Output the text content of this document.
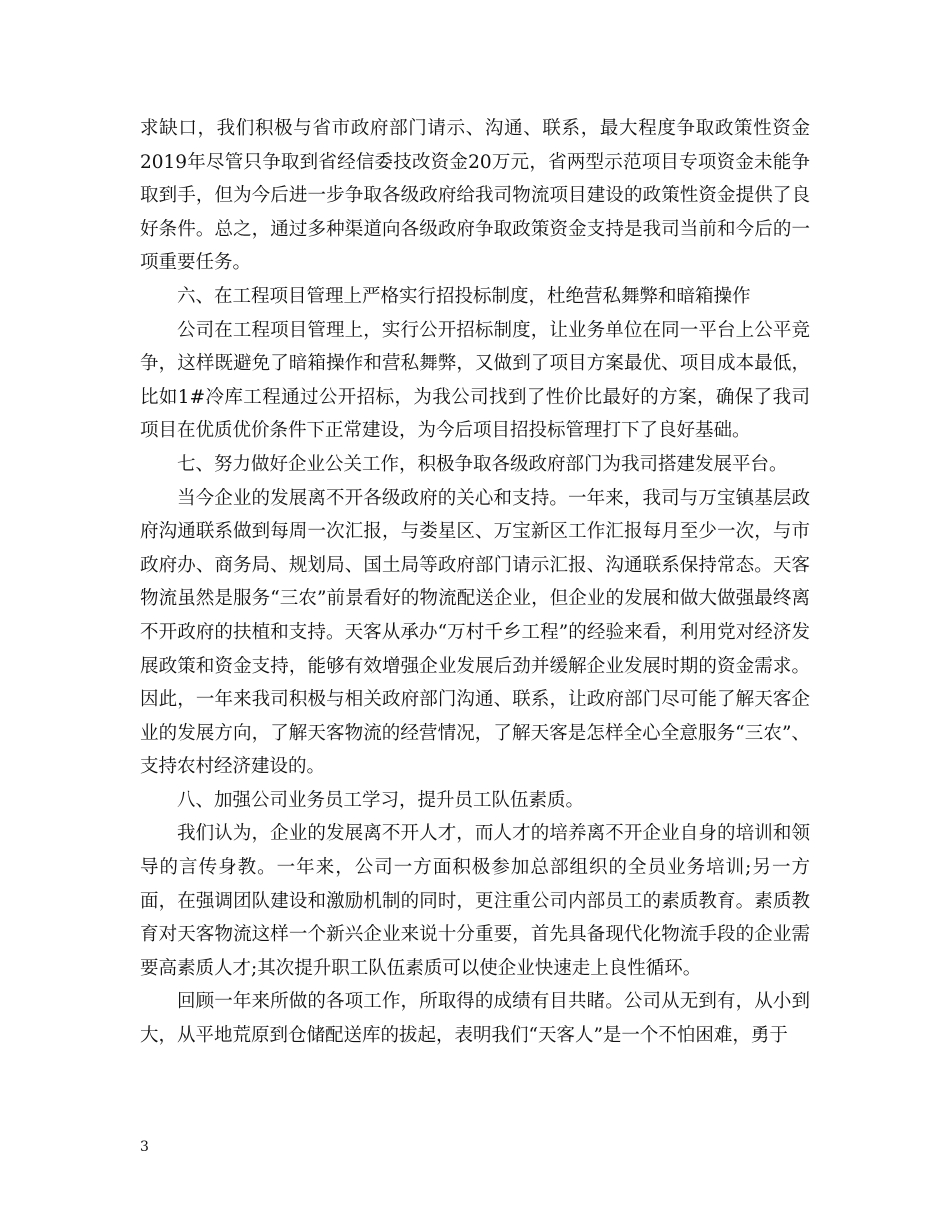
求缺口，我们积极与省市政府部门请示、沟通、联系，最大程度争取政策性资金2019年尽管只争取到省经信委技改资金20万元，省两型示范项目专项资金未能争取到手，但为今后进一步争取各级政府给我司物流项目建设的政策性资金提供了良好条件。总之，通过多种渠道向各级政府争取政策资金支持是我司当前和今后的一项重要任务。

六、在工程项目管理上严格实行招投标制度，杜绝营私舞弊和暗箱操作

公司在工程项目管理上，实行公开招标制度，让业务单位在同一平台上公平竞争，这样既避免了暗箱操作和营私舞弊，又做到了项目方案最优、项目成本最低，比如1#冷库工程通过公开招标，为我公司找到了性价比最好的方案，确保了我司项目在优质优价条件下正常建设，为今后项目招投标管理打下了良好基础。

七、努力做好企业公关工作，积极争取各级政府部门为我司搭建发展平台。

当今企业的发展离不开各级政府的关心和支持。一年来，我司与万宝镇基层政府沟通联系做到每周一次汇报，与娄星区、万宝新区工作汇报每月至少一次，与市政府办、商务局、规划局、国土局等政府部门请示汇报、沟通联系保持常态。天客物流虽然是服务“三农”前景看好的物流配送企业，但企业的发展和做大做强最终离不开政府的扶植和支持。天客从承办“万村千乡工程”的经验来看，利用党对经济发展政策和资金支持，能够有效增强企业发展后劲并缓解企业发展时期的资金需求。因此，一年来我司积极与相关政府部门沟通、联系，让政府部门尽可能了解天客企业的发展方向，了解天客物流的经营情况，了解天客是怎样全心全意服务“三农”、支持农村经济建设的。

八、加强公司业务员工学习，提升员工队伍素质。

我们认为，企业的发展离不开人才，而人才的培养离不开企业自身的培训和领导的言传身教。一年来，公司一方面积极参加总部组织的全员业务培训;另一方面，在强调团队建设和激励机制的同时，更注重公司内部员工的素质教育。素质教育对天客物流这样一个新兴企业来说十分重要，首先具备现代化物流手段的企业需要高素质人才;其次提升职工队伍素质可以使企业快速走上良性循环。

回顾一年来所做的各项工作，所取得的成绩有目共睹。公司从无到有，从小到大，从平地荒原到仓储配送库的拔起，表明我们“天客人”是一个不怕困难，勇于

3
